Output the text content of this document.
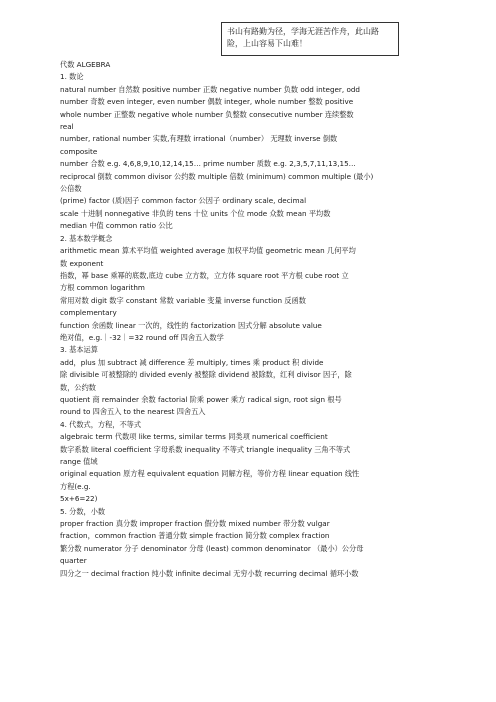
书山有路勤为径，学海无涯苦作舟，此山路险，上山容易下山难！
代数 ALGEBRA
1. 数论
natural number 自然数 positive number 正数 negative number 负数 odd integer, odd
number 奇数 even integer, even number 偶数 integer, whole number 整数 positive
whole number 正整数 negative whole number 负整数 consecutive number 连续整数
real
number, rational number 实数,有理数 irrational（number） 无理数 inverse 倒数
composite
number 合数 e.g. 4,6,8,9,10,12,14,15… prime number 质数 e.g. 2,3,5,7,11,13,15…
reciprocal 倒数 common divisor 公约数 multiple 倍数 (minimum) common multiple (最小)
公倍数
(prime) factor (质)因子 common factor 公因子 ordinary scale, decimal
scale 十进制 nonnegative 非负的 tens 十位 units 个位 mode 众数 mean 平均数
median 中值 common ratio 公比
2. 基本数学概念
arithmetic mean 算术平均值 weighted average 加权平均值 geometric mean 几何平均
数 exponent
指数，幂 base 乘幂的底数,底边 cube 立方数，立方体 square root 平方根 cube root 立
方根 common logarithm
常用对数 digit 数字 constant 常数 variable 变量 inverse function 反函数
complementary
function 余函数 linear 一次的，线性的 factorization 因式分解 absolute value
绝对值，e.g.｜-32｜=32 round off 四舍五入数学
3. 基本运算
add，plus 加 subtract 减 difference 差 multiply, times 乘 product 积 divide
除 divisible 可被整除的 divided evenly 被整除 dividend 被除数，红利 divisor 因子，除
数，公约数
quotient 商 remainder 余数 factorial 阶乘 power 乘方 radical sign, root sign 根号
round to 四舍五入 to the nearest 四舍五入
4. 代数式，方程，不等式
algebraic term 代数项 like terms, similar terms 同类项 numerical coefficient
数字系数 literal coefficient 字母系数 inequality 不等式 triangle inequality 三角不等式
range 值域
original equation 原方程 equivalent equation 同解方程，等价方程 linear equation 线性
方程(e.g.
5x+6=22)
5. 分数，小数
proper fraction 真分数 improper fraction 假分数 mixed number 带分数 vulgar
fraction，common fraction 普通分数 simple fraction 简分数 complex fraction
繁分数 numerator 分子 denominator 分母 (least) common denominator （最小）公分母
quarter
四分之一 decimal fraction 纯小数 infinite decimal 无穷小数 recurring decimal 循环小数
